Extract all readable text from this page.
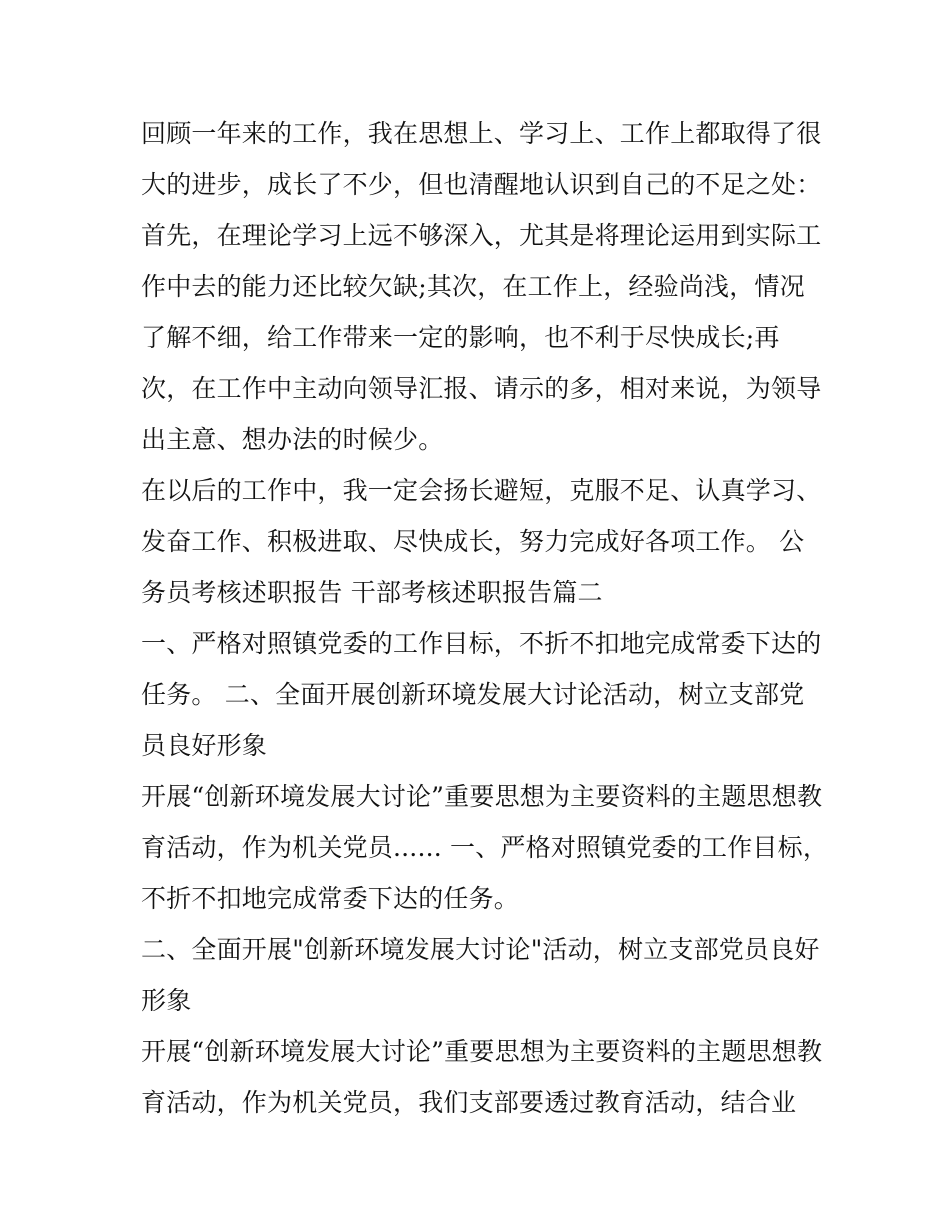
回顾一年来的工作，我在思想上、学习上、工作上都取得了很
大的进步，成长了不少，但也清醒地认识到自己的不足之处：
首先，在理论学习上远不够深入，尤其是将理论运用到实际工
作中去的能力还比较欠缺;其次，在工作上，经验尚浅，情况
了解不细，给工作带来一定的影响，也不利于尽快成长;再
次，在工作中主动向领导汇报、请示的多，相对来说，为领导
出主意、想办法的时候少。
在以后的工作中，我一定会扬长避短，克服不足、认真学习、
发奋工作、积极进取、尽快成长，努力完成好各项工作。 公
务员考核述职报告 干部考核述职报告篇二
一、严格对照镇党委的工作目标，不折不扣地完成常委下达的
任务。 二、全面开展创新环境发展大讨论活动，树立支部党
员良好形象
开展“创新环境发展大讨论”重要思想为主要资料的主题思想教
育活动，作为机关党员...... 一、严格对照镇党委的工作目标，
不折不扣地完成常委下达的任务。
二、全面开展"创新环境发展大讨论"活动，树立支部党员良好
形象
开展“创新环境发展大讨论”重要思想为主要资料的主题思想教
育活动，作为机关党员，我们支部要透过教育活动，结合业
